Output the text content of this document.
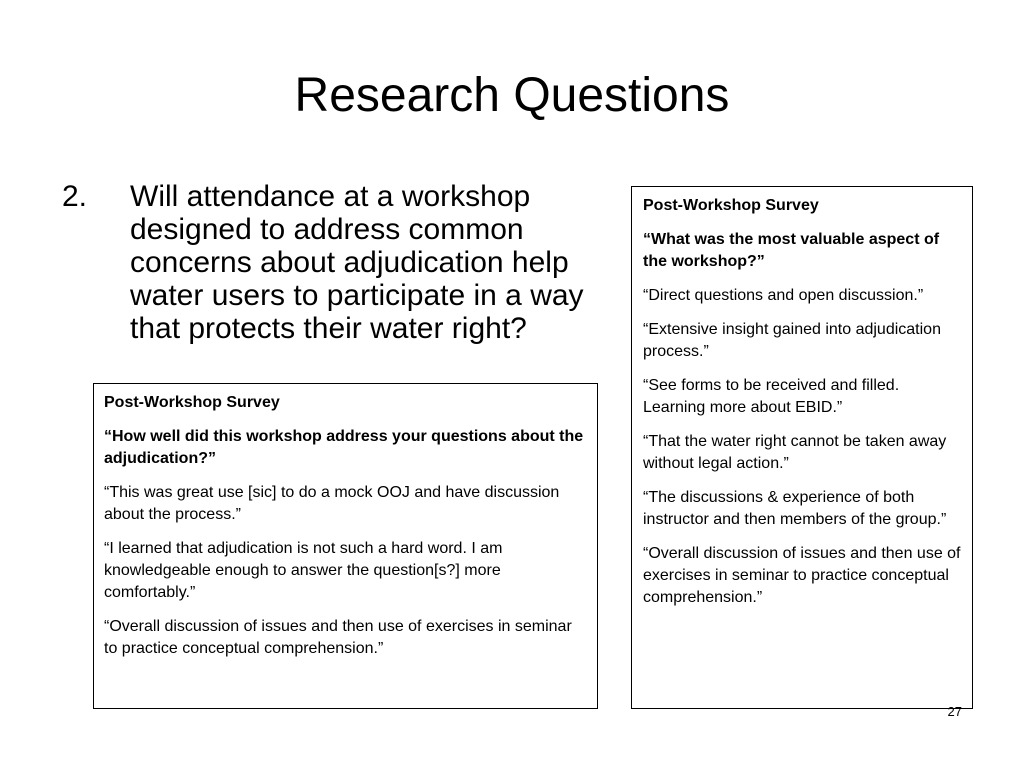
Research Questions
2. Will attendance at a workshop designed to address common concerns about adjudication help water users to participate in a way that protects their water right?

Post-Workshop Survey

“What was the most valuable aspect of the workshop?”

“Direct questions and open discussion.”

“Extensive insight gained into adjudication process.”

“See forms to be received and filled. Learning more about EBID.”

“That the water right cannot be taken away without legal action.”

“The discussions & experience of both instructor and then members of the group.”

“Overall discussion of issues and then use of exercises in seminar to practice conceptual comprehension.”

Post-Workshop Survey

“How well did this workshop address your questions about the adjudication?”

“This was great use [sic] to do a mock OOJ and have discussion about the process.”

“I learned that adjudication is not such a hard word. I am knowledgeable enough to answer the question[s?] more comfortably.”

“Overall discussion of issues and then use of exercises in seminar to practice conceptual comprehension.”

27
